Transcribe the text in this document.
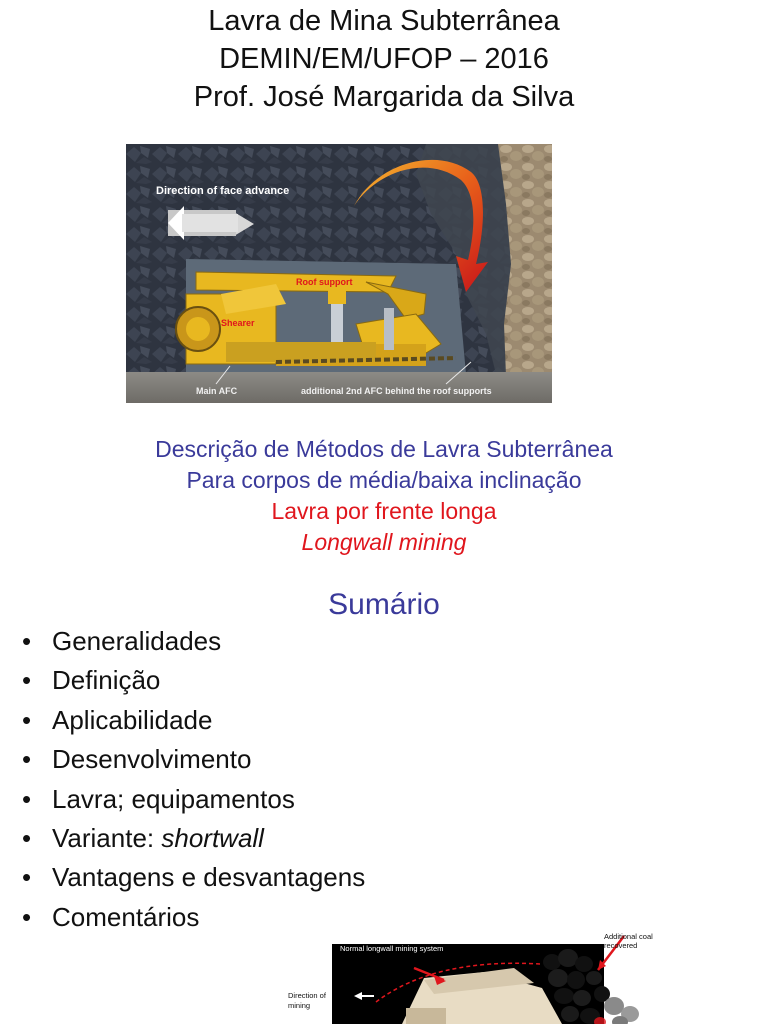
Lavra de Mina Subterrânea
DEMIN/EM/UFOP – 2016
Prof. José Margarida da Silva
Direction of face advance
Roof support
Shearer
Main AFC	additional 2nd AFC behind the roof supports
Descrição de Métodos de Lavra Subterrânea
Para corpos de média/baixa inclinação
Lavra por frente longa
Longwall mining
Sumário
• Generalidades
• Definição
• Aplicabilidade
• Desenvolvimento
• Lavra; equipamentos
• Variante: shortwall
• Vantagens e desvantagens
• Comentários
Normal longwall mining system
Additional coal
recovered
Direction of
mining
